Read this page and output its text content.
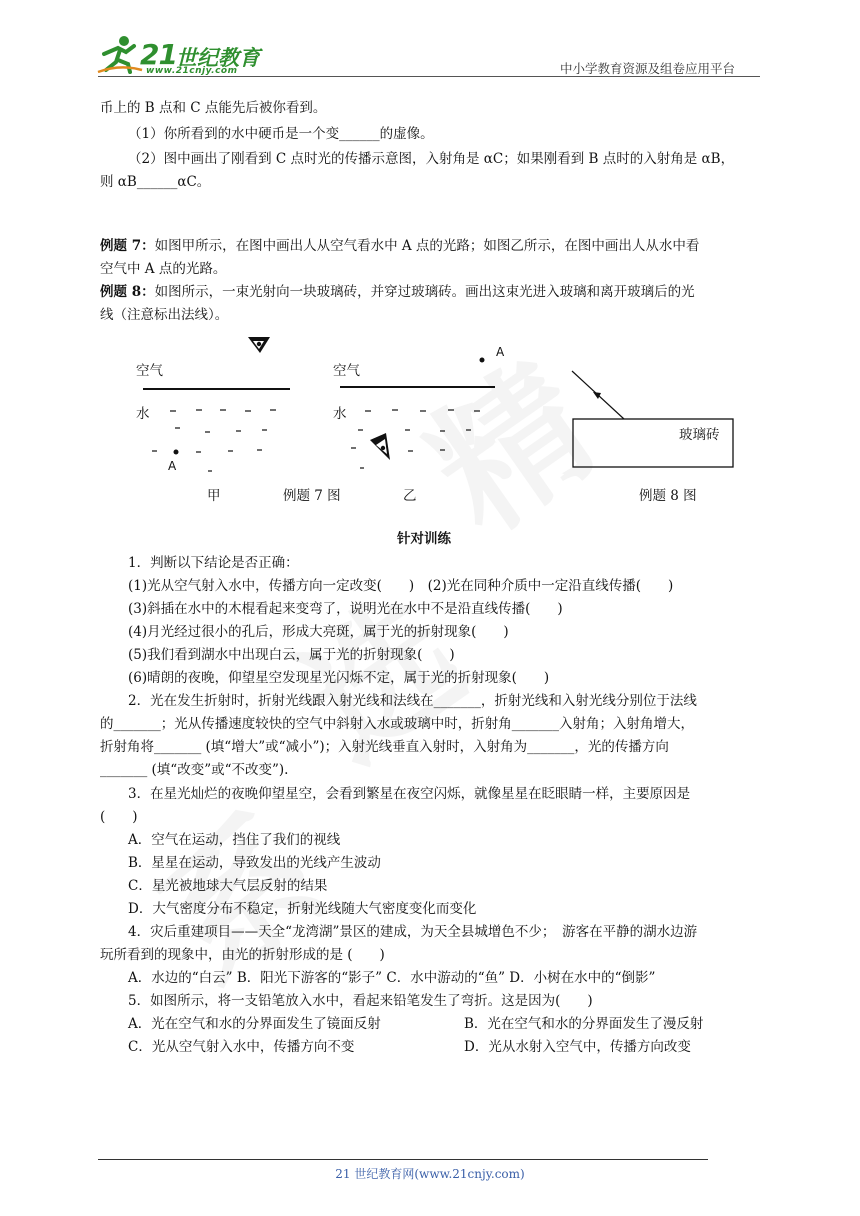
21 世纪教育
www.21cnjy.com	中小学教育资源及组卷应用平台
币上的 B 点和 C 点能先后被你看到。
（1）你所看到的水中硬币是一个变______的虚像。
（2）图中画出了刚看到 C 点时光的传播示意图，入射角是 αC；如果刚看到 B 点时的入射角是 αB，
则 αB______αC。
例题 7：如图甲所示，在图中画出人从空气看水中 A 点的光路；如图乙所示，在图中画出人从水中看
空气中 A 点的光路。
例题 8：如图所示，一束光射向一块玻璃砖，并穿过玻璃砖。画出这束光进入玻璃和离开玻璃后的光
线（注意标出法线）。
空气
水
A
空气
水
A
玻璃砖
甲	例题 7 图	乙	例题 8 图
针对训练
1．判断以下结论是否正确：
(1)光从空气射入水中，传播方向一定改变(　　)　(2)光在同种介质中一定沿直线传播(　　)
(3)斜插在水中的木棍看起来变弯了，说明光在水中不是沿直线传播(　　)
(4)月光经过很小的孔后，形成大亮斑，属于光的折射现象(　　)
(5)我们看到湖水中出现白云，属于光的折射现象(　　)
(6)晴朗的夜晚，仰望星空发现星光闪烁不定，属于光的折射现象(　　)
2．光在发生折射时，折射光线跟入射光线和法线在_______，折射光线和入射光线分别位于法线
的_______；光从传播速度较快的空气中斜射入水或玻璃中时，折射角_______入射角；入射角增大，
折射角将_______ (填“增大”或“减小”)；入射光线垂直入射时，入射角为_______，光的传播方向
_______ (填“改变”或“不改变”).
3．在星光灿烂的夜晚仰望星空，会看到繁星在夜空闪烁，就像星星在眨眼睛一样，主要原因是
(　　)
A．空气在运动，挡住了我们的视线
B．星星在运动，导致发出的光线产生波动
C．星光被地球大气层反射的结果
D．大气密度分布不稳定，折射光线随大气密度变化而变化
4．灾后重建项目——天全“龙湾湖”景区的建成，为天全县城增色不少；　游客在平静的湖水边游
玩所看到的现象中，由光的折射形成的是 (　　)
A．水边的“白云” B．阳光下游客的“影子” C．水中游动的“鱼” D．小树在水中的“倒影”
5．如图所示，将一支铅笔放入水中，看起来铅笔发生了弯折。这是因为(　　)
A．光在空气和水的分界面发生了镜面反射	B．光在空气和水的分界面发生了漫反射
C．光从空气射入水中，传播方向不变	D．光从水射入空气中，传播方向改变
21 世纪教育网(www.21cnjy.com)
